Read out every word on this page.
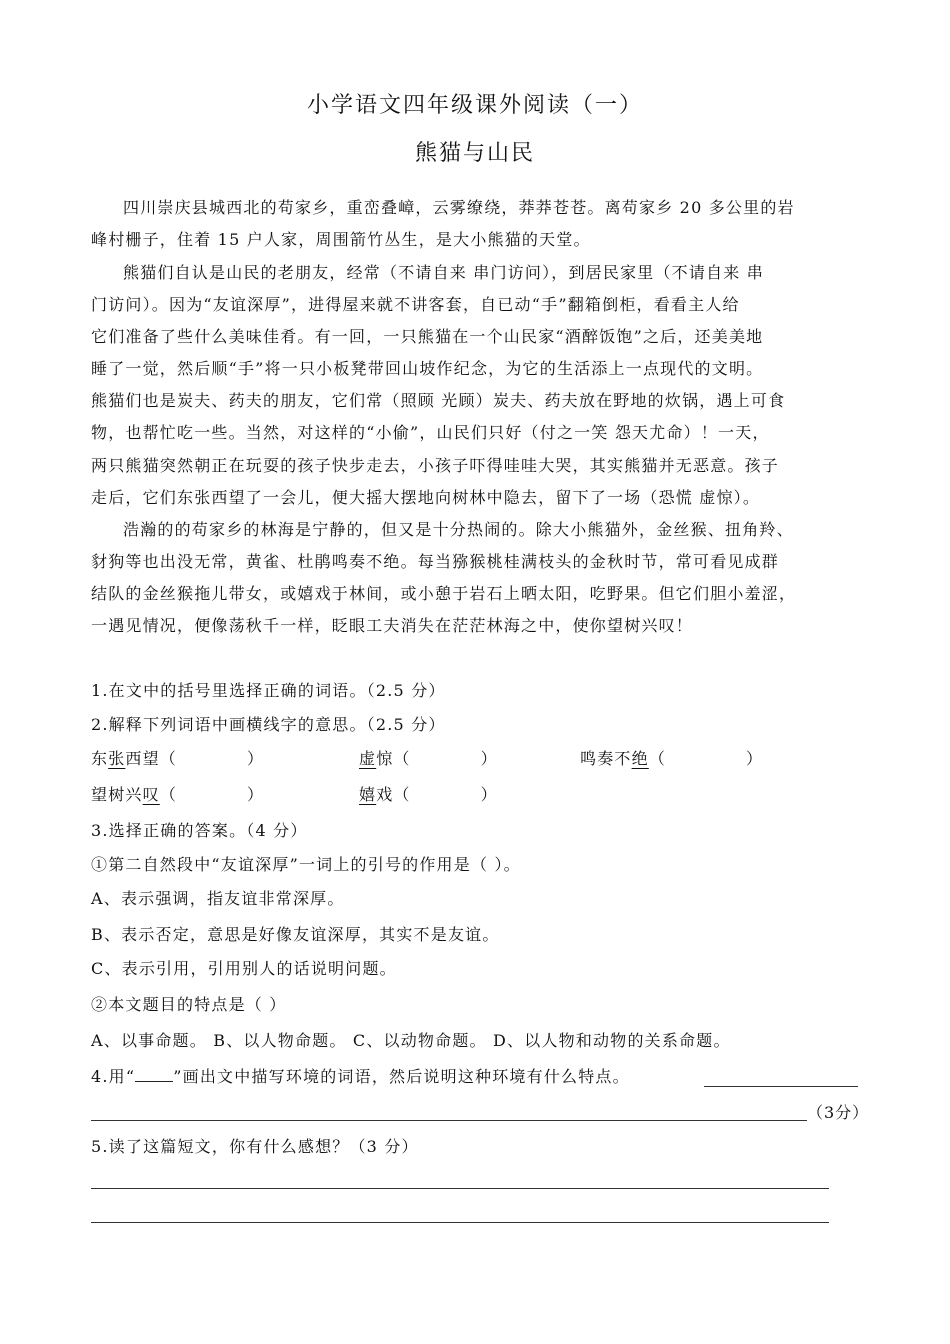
小学语文四年级课外阅读（一）
熊猫与山民
四川崇庆县城西北的苟家乡，重峦叠嶂，云雾缭绕，莽莽苍苍。离苟家乡 20 多公里的岩
峰村栅子，住着 15 户人家，周围箭竹丛生，是大小熊猫的天堂。
熊猫们自认是山民的老朋友，经常（不请自来 串门访问），到居民家里（不请自来 串
门访问）。因为“友谊深厚”，进得屋来就不讲客套，自已动“手”翻箱倒柜，看看主人给
它们准备了些什么美味佳肴。有一回，一只熊猫在一个山民家“酒醉饭饱”之后，还美美地
睡了一觉，然后顺“手”将一只小板凳带回山坡作纪念，为它的生活添上一点现代的文明。
熊猫们也是炭夫、药夫的朋友，它们常（照顾 光顾）炭夫、药夫放在野地的炊锅，遇上可食
物，也帮忙吃一些。当然，对这样的“小偷”，山民们只好（付之一笑 怨天尤命）！一天，
两只熊猫突然朝正在玩耍的孩子快步走去，小孩子吓得哇哇大哭，其实熊猫并无恶意。孩子
走后，它们东张西望了一会儿，便大摇大摆地向树林中隐去，留下了一场（恐慌 虚惊）。
浩瀚的的苟家乡的林海是宁静的，但又是十分热闹的。除大小熊猫外，金丝猴、扭角羚、
豺狗等也出没无常，黄雀、杜鹃鸣奏不绝。每当猕猴桃桂满枝头的金秋时节，常可看见成群
结队的金丝猴拖儿带女，或嬉戏于林间，或小憩于岩石上晒太阳，吃野果。但它们胆小羞涩，
一遇见情况，便像荡秋千一样，眨眼工夫消失在茫茫林海之中，使你望树兴叹！
1.在文中的括号里选择正确的词语。（2.5 分）
2.解释下列词语中画横线字的意思。（2.5 分）
东张西望（	）	虚惊（	）	鸣奏不绝（	）
望树兴叹（	）	嬉戏（	）
3.选择正确的答案。（4 分）
①第二自然段中“友谊深厚”一词上的引号的作用是（ ）。
A、表示强调，指友谊非常深厚。
B、表示否定，意思是好像友谊深厚，其实不是友谊。
C、表示引用，引用别人的话说明问题。
②本文题目的特点是（ ）
A、以事命题。 B、以人物命题。 C、以动物命题。 D、以人物和动物的关系命题。
4.用“ ”画出文中描写环境的词语，然后说明这种环境有什么特点。
（3分）
5.读了这篇短文，你有什么感想？（3 分）
